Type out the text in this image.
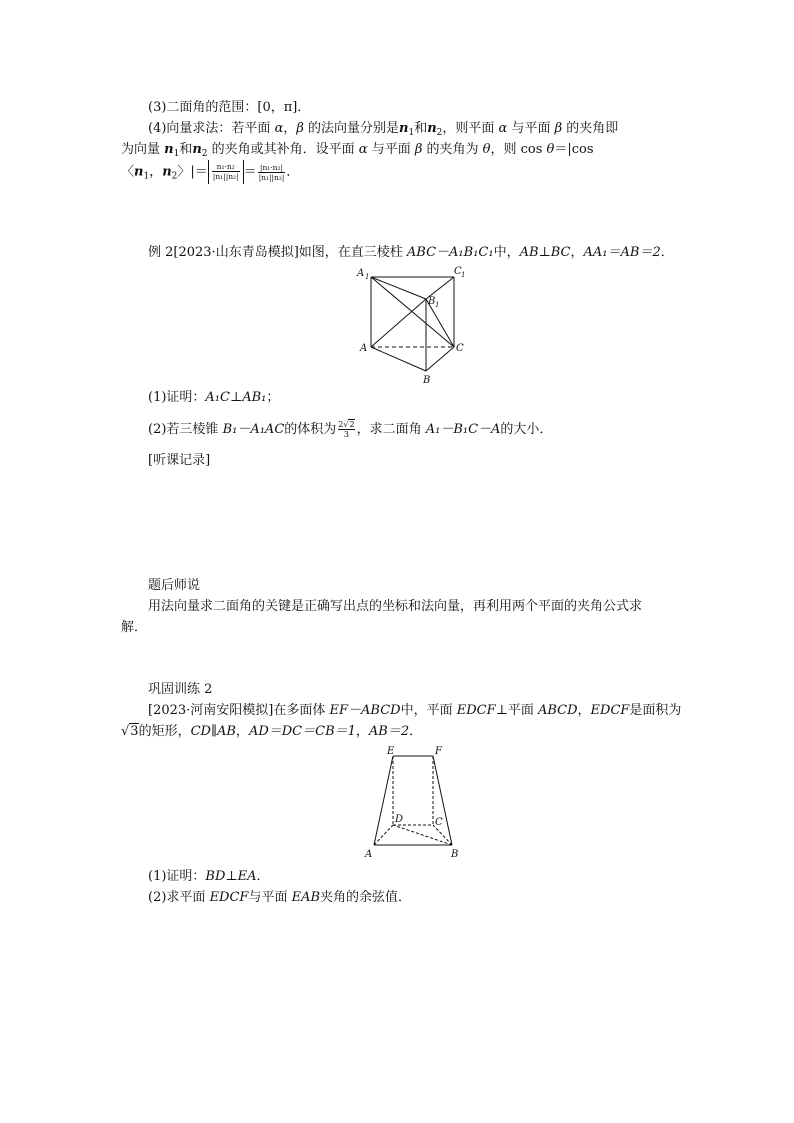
(3)二面角的范围：[0，π]．
(4)向量求法：若平面 α，β 的法向量分别是$n_1$和$n_2$，则平面 α 与平面 β 的夹角即
为向量 $n_1$和$n_2$ 的夹角或其补角．设平面 α 与平面 β 的夹角为 θ，则 cos θ＝|cos
〈$n_1$，$n_2$〉|＝ $\frac{\text{n₁·n₂}}{\text{|n₁||n₂|}} = \frac{\text{|n₁·n₂|}}{\text{|n₁||n₂|}}$ ．
例 2[2023·山东青岛模拟]如图，在直三棱柱 ABC－A₁B₁C₁中，AB⊥BC，AA₁＝AB＝2．
A 1	C 1
B 1
A	C
B
(1)证明：A₁C⊥AB₁；
(2)若三棱锥 B₁－A₁AC的体积为 $\frac{2√2}{3}$ ，求二面角 A₁－B₁C－A的大小．
[听课记录]
题后师说
用法向量求二面角的关键是正确写出点的坐标和法向量，再利用两个平面的夹角公式求
解．
巩固训练 2
[2023·河南安阳模拟]在多面体 EF－ABCD中，平面 EDCF⊥平面 ABCD，EDCF是面积为
√3的矩形，CD∥AB，AD＝DC＝CB＝1，AB＝2．
E	F
D	C
A	B
(1)证明：BD⊥EA．
(2)求平面 EDCF与平面 EAB夹角的余弦值．
